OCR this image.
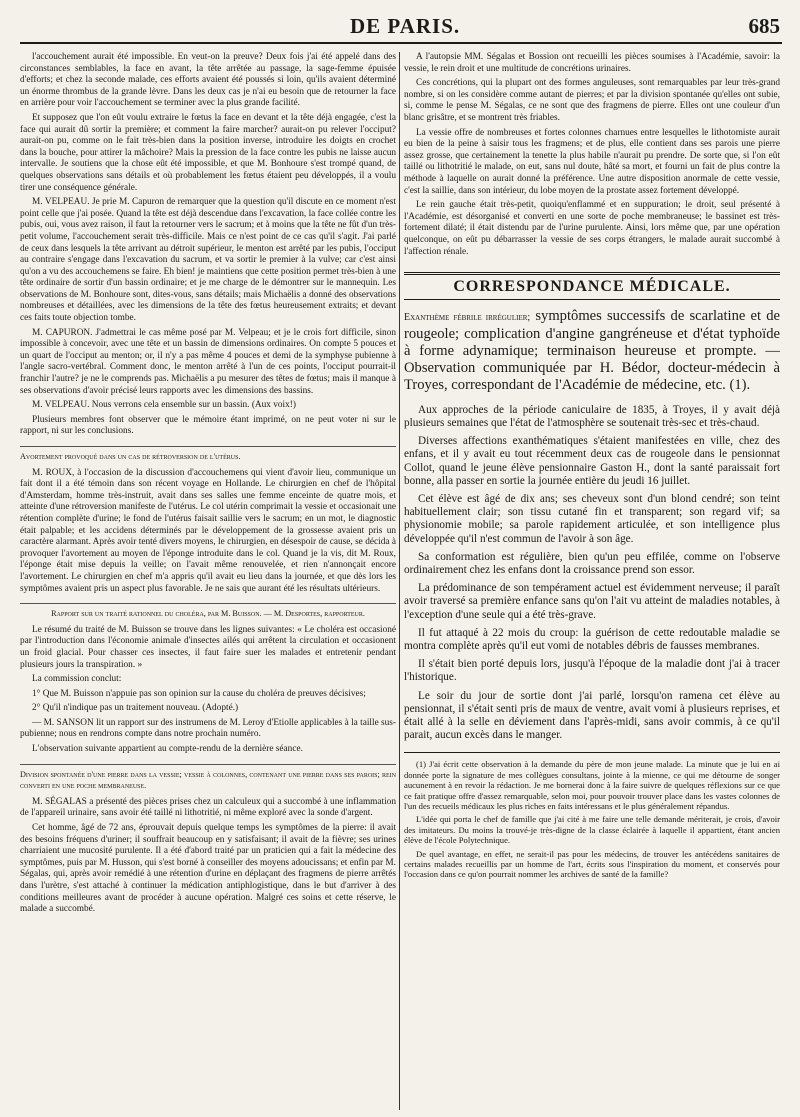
DE PARIS.	685

l'accouchement aurait été impossible. En veut-on la preuve? Deux fois j'ai été appelé dans des circonstances semblables, la face en avant, la tête arrêtée au passage, la sage-femme épuisée d'efforts; et chez la seconde malade, ces efforts avaient été poussés si loin, qu'ils avaient déterminé un énorme thrombus de la grande lèvre. Dans les deux cas je n'ai eu besoin que de retourner la face en arrière pour voir l'accouchement se terminer avec la plus grande facilité.

Et supposez que l'on eût voulu extraire le fœtus la face en devant et la tête déjà engagée, c'est la face qui aurait dû sortir la première; et comment la faire marcher? aurait-on pu relever l'occiput? aurait-on pu, comme on le fait très-bien dans la position inverse, introduire les doigts en crochet dans la bouche, pour attirer la mâchoire? Mais la pression de la face contre les pubis ne laisse aucun intervalle. Je soutiens que la chose eût été impossible, et que M. Bonhoure s'est trompé quand, de quelques observations sans détails et où probablement les fœtus étaient peu développés, il a voulu tirer une conséquence générale.

M. VELPEAU. Je prie M. Capuron de remarquer que la question qu'il discute en ce moment n'est point celle que j'ai posée. Quand la tête est déjà descendue dans l'excavation, la face collée contre les pubis, oui, vous avez raison, il faut la retourner vers le sacrum; et à moins que la tête ne fût d'un très-petit volume, l'accouchement serait très-difficile. Mais ce n'est point de ce cas qu'il s'agit. J'ai parlé de ceux dans lesquels la tête arrivant au détroit supérieur, le menton est arrêté par les pubis, l'occiput au contraire s'engage dans l'excavation du sacrum, et va sortir le premier à la vulve; car c'est ainsi qu'on a vu des accouchemens se faire. Eh bien! je maintiens que cette position permet très-bien à une tête ordinaire de sortir d'un bassin ordinaire; et je me charge de le démontrer sur le mannequin. Les observations de M. Bonhoure sont, dites-vous, sans détails; mais Michaëlis a donné des observations nombreuses et détaillées, avec les dimensions de la tête des fœtus heureusement extraits; et devant ces faits toute objection tombe.

M. CAPURON. J'admettrai le cas même posé par M. Velpeau; et je le crois fort difficile, sinon impossible à concevoir, avec une tête et un bassin de dimensions ordinaires. On compte 5 pouces et un quart de l'occiput au menton; or, il n'y a pas même 4 pouces et demi de la symphyse pubienne à l'angle sacro-vertébral. Comment donc, le menton arrêté à l'un de ces points, l'occiput pourrait-il franchir l'autre? je ne le comprends pas. Michaëlis a pu mesurer des têtes de fœtus; mais il manque à ses observations d'avoir précisé leurs rapports avec les dimensions des bassins.

M. VELPEAU. Nous verrons cela ensemble sur un bassin. (Aux voix!)

Plusieurs membres font observer que le mémoire étant imprimé, on ne peut voter ni sur le rapport, ni sur les conclusions.

Avortement provoqué dans un cas de rétroversion de l'utérus.

M. ROUX, à l'occasion de la discussion d'accouchemens qui vient d'avoir lieu, communique un fait dont il a été témoin dans son récent voyage en Hollande. Le chirurgien en chef de l'hôpital d'Amsterdam, homme très-instruit, avait dans ses salles une femme enceinte de quatre mois, et atteinte d'une rétroversion manifeste de l'utérus. Le col utérin comprimait la vessie et occasionait une rétention complète d'urine; le fond de l'utérus faisait saillie vers le sacrum; en un mot, le diagnostic était palpable; et les accidens déterminés par le développement de la grossesse avaient pris un caractère alarmant. Après avoir tenté divers moyens, le chirurgien, en désespoir de cause, se décida à provoquer l'avortement au moyen de l'éponge introduite dans le col. Quand je la vis, dit M. Roux, l'éponge était mise depuis la veille; on l'avait même renouvelée, et rien n'annonçait encore l'avortement. Le chirurgien en chef m'a appris qu'il avait eu lieu dans la journée, et que dès lors les symptômes avaient pris un aspect plus favorable. Je ne sais que aurant été les résultats ultérieurs.

Rapport sur un traité rationnel du choléra, par M. Buisson. — M. Desportes, rapporteur.

Le résumé du traité de M. Buisson se trouve dans les lignes suivantes: « Le choléra est occasioné par l'introduction dans l'économie animale d'insectes ailés qui arrêtent la circulation et occasionent un froid glacial. Pour chasser ces insectes, il faut faire suer les malades et entretenir pendant plusieurs jours la transpiration. »

La commission conclut:

1° Que M. Buisson n'appuie pas son opinion sur la cause du choléra de preuves décisives;

2° Qu'il n'indique pas un traitement nouveau. (Adopté.)

— M. SANSON lit un rapport sur des instrumens de M. Leroy d'Etiolle applicables à la taille sus-pubienne; nous en rendrons compte dans notre prochain numéro.

L'observation suivante appartient au compte-rendu de la dernière séance.

Division spontanée d'une pierre dans la vessie; vessie à colonnes, contenant une pierre dans ses parois; rein converti en une poche membraneuse.

M. SÉGALAS a présenté des pièces prises chez un calculeux qui a succombé à une inflammation de l'appareil urinaire, sans avoir été taillé ni lithotritié, ni même exploré avec la sonde d'argent.

Cet homme, âgé de 72 ans, éprouvait depuis quelque temps les symptômes de la pierre: il avait des besoins fréquens d'uriner; il souffrait beaucoup en y satisfaisant; il avait de la fièvre; ses urines charriaient une mucosité purulente. Il a été d'abord traité par un praticien qui a fait la médecine des symptômes, puis par M. Husson, qui s'est borné à conseiller des moyens adoucissans; et enfin par M. Ségalas, qui, après avoir remédié à une rétention d'urine en déplaçant des fragmens de pierre arrêtés dans l'urètre, s'est attaché à continuer la médication antiphlogistique, dans le but d'arriver à des conditions meilleures avant de procéder à aucune opération. Malgré ces soins et cette réserve, le malade a succombé.

A l'autopsie MM. Ségalas et Bossion ont recueilli les pièces soumises à l'Académie, savoir: la vessie, le rein droit et une multitude de concrétions urinaires.

Ces concrétions, qui la plupart ont des formes anguleuses, sont remarquables par leur très-grand nombre, si on les considère comme autant de pierres; et par la division spontanée qu'elles ont subie, si, comme le pense M. Ségalas, ce ne sont que des fragmens de pierre. Elles ont une couleur d'un blanc grisâtre, et se montrent très friables.

La vessie offre de nombreuses et fortes colonnes charnues entre lesquelles le lithotomiste aurait eu bien de la peine à saisir tous les fragmens; et de plus, elle contient dans ses parois une pierre assez grosse, que certainement la tenette la plus habile n'aurait pu prendre. De sorte que, si l'on eût taillé ou lithotritié le malade, on eut, sans nul doute, hâté sa mort, et fourni un fait de plus contre la méthode à laquelle on aurait donné la préférence. Une autre disposition anormale de cette vessie, c'est la saillie, dans son intérieur, du lobe moyen de la prostate assez fortement développé.

Le rein gauche était très-petit, quoiqu'enflammé et en suppuration; le droit, seul présenté à l'Académie, est désorganisé et converti en une sorte de poche membraneuse; le bassinet est très-fortement dilaté; il était distendu par de l'urine purulente. Ainsi, lors même que, par une opération quelconque, on eût pu débarrasser la vessie de ses corps étrangers, le malade aurait succombé à l'affection rénale.

CORRESPONDANCE MÉDICALE.
Exanthème fébrile irrégulier; symptômes successifs de scarlatine et de rougeole; complication d'angine gangréneuse et d'état typhoïde à forme adynamique; terminaison heureuse et prompte. — Observation communiquée par H. Bédor, docteur-médecin à Troyes, correspondant de l'Académie de médecine, etc. (1).

Aux approches de la période caniculaire de 1835, à Troyes, il y avait déjà plusieurs semaines que l'état de l'atmosphère se soutenait très-sec et très-chaud.

Diverses affections exanthématiques s'étaient manifestées en ville, chez des enfans, et il y avait eu tout récemment deux cas de rougeole dans le pensionnat Collot, quand le jeune élève pensionnaire Gaston H., dont la santé paraissait fort bonne, alla passer en sortie la journée entière du jeudi 16 juillet.

Cet élève est âgé de dix ans; ses cheveux sont d'un blond cendré; son teint habituellement clair; son tissu cutané fin et transparent; son regard vif; sa physionomie mobile; sa parole rapidement articulée, et son intelligence plus développée qu'il n'est commun de l'avoir à son âge.

Sa conformation est régulière, bien qu'un peu effilée, comme on l'observe ordinairement chez les enfans dont la croissance prend son essor.

La prédominance de son tempérament actuel est évidemment nerveuse; il paraît avoir traversé sa première enfance sans qu'on l'ait vu atteint de maladies notables, à l'exception d'une seule qui a été très-grave.

Il fut attaqué à 22 mois du croup: la guérison de cette redoutable maladie se montra complète après qu'il eut vomi de notables débris de fausses membranes.

Il s'était bien porté depuis lors, jusqu'à l'époque de la maladie dont j'ai à tracer l'historique.

Le soir du jour de sortie dont j'ai parlé, lorsqu'on ramena cet élève au pensionnat, il s'était senti pris de maux de ventre, avait vomi à plusieurs reprises, et était allé à la selle en déviement dans l'après-midi, sans avoir commis, à ce qu'il parait, aucun excès dans le manger.

(1) J'ai écrit cette observation à la demande du père de mon jeune malade. La minute que je lui en ai donnée porte la signature de mes collègues consultans, jointe à la mienne, ce qui me détourne de songer aucunement à en revoir la rédaction. Je me bornerai donc à la faire suivre de quelques réflexions sur ce que ce fait pratique offre d'assez remarquable, selon moi, pour pouvoir trouver place dans les vastes colonnes de l'un des recueils médicaux les plus riches en faits intéressans et le plus généralement répandus.

L'idée qui porta le chef de famille que j'ai cité à me faire une telle demande mériterait, je crois, d'avoir des imitateurs. Du moins la trouvé-je très-digne de la classe éclairée à laquelle il appartient, étant ancien élève de l'école Polytechnique.

De quel avantage, en effet, ne serait-il pas pour les médecins, de trouver les antécédens sanitaires de certains malades recueillis par un homme de l'art, écrits sous l'inspiration du moment, et conservés pour l'occasion dans ce qu'on pourrait nommer les archives de santé de la famille?
